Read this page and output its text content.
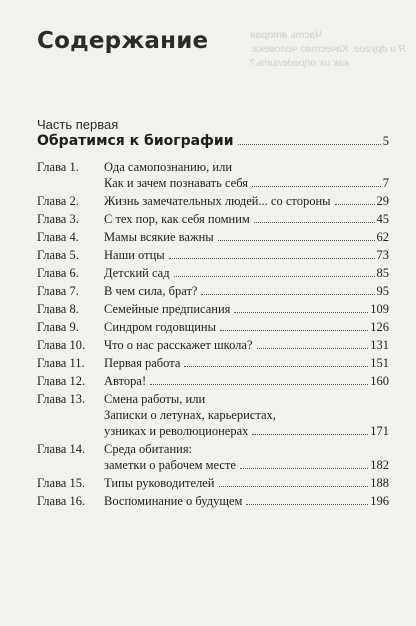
Содержание	Часть вторая
Я и другие. Качество человека:
как их определить?
Часть первая
Обратимся к биографии	5
Глава 1. Ода самопознанию, или
Как и зачем познавать себя	7
Глава 2. Жизнь замечательных людей... со стороны	29
Глава 3. С тех пор, как себя помним	45
Глава 4. Мамы всякие важны	62
Глава 5. Наши отцы	73
Глава 6. Детский сад	85
Глава 7. В чем сила, брат?	95
Глава 8. Семейные предписания	109
Глава 9. Синдром годовщины	126
Глава 10. Что о нас расскажет школа?	131
Глава 11. Первая работа	151
Глава 12. Автора!	160
Глава 13. Смена работы, или
Записки о летунах, карьеристах,
узниках и революционерах	171
Глава 14. Среда обитания:
заметки о рабочем месте	182
Глава 15. Типы руководителей	188
Глава 16. Воспоминание о будущем	196
